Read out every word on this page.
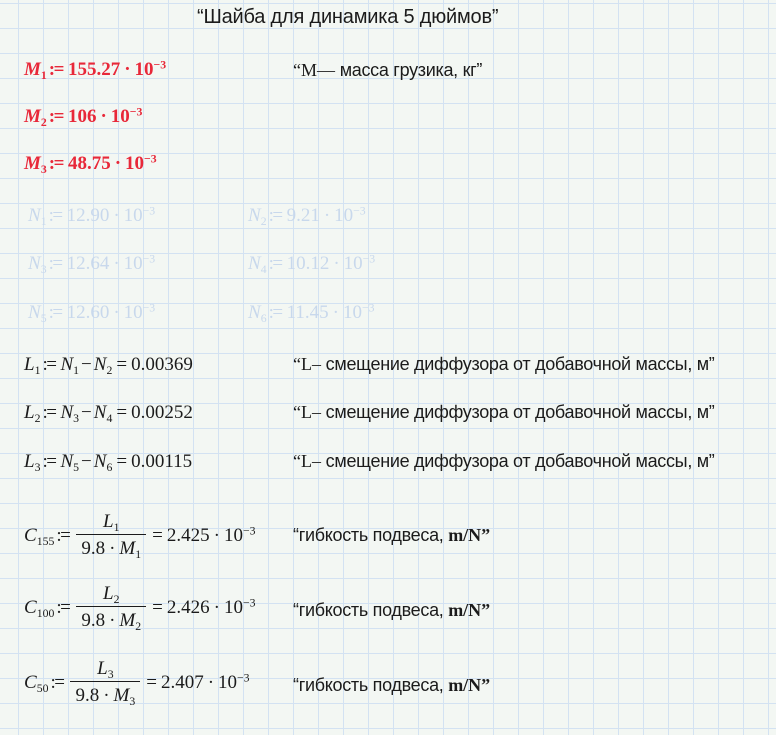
“Шайба для динамика 5 дюймов”
$M_1$ := $155.27 \cdot 10^{-3}$	“М— масса грузика, кг”
$M_2$ := $106 \cdot 10^{-3}$
$M_3$ := $48.75 \cdot 10^{-3}$
$N_1$ := $12.90 \cdot 10^{-3}$	$N_2$ := $9.21 \cdot 10^{-3}$
$N_3$ := $12.64 \cdot 10^{-3}$	$N_4$ := $10.12 \cdot 10^{-3}$
$N_5$ := $12.60 \cdot 10^{-3}$	$N_6$ := $11.45 \cdot 10^{-3}$
$L_1$ := $N_1 - N_2 = 0.00369$	“L– смещение диффузора от добавочной массы, м”
$L_2$ := $N_3 - N_4 = 0.00252$	“L– смещение диффузора от добавочной массы, м”
$L_3$ := $N_5 - N_6 = 0.00115$	“L– смещение диффузора от добавочной массы, м”
$C_{155}$ := $\frac{L_1}{9.8 \cdot M_1} = 2.425 \cdot 10^{-3}$ “гибкость подвеса, m/N”
$C_{100}$ := $\frac{L_2}{9.8 \cdot M_2} = 2.426 \cdot 10^{-3}$ “гибкость подвеса, m/N”
$C_{50}$ := $\frac{L_3}{9.8 \cdot M_3} = 2.407 \cdot 10^{-3}$ “гибкость подвеса, m/N”
